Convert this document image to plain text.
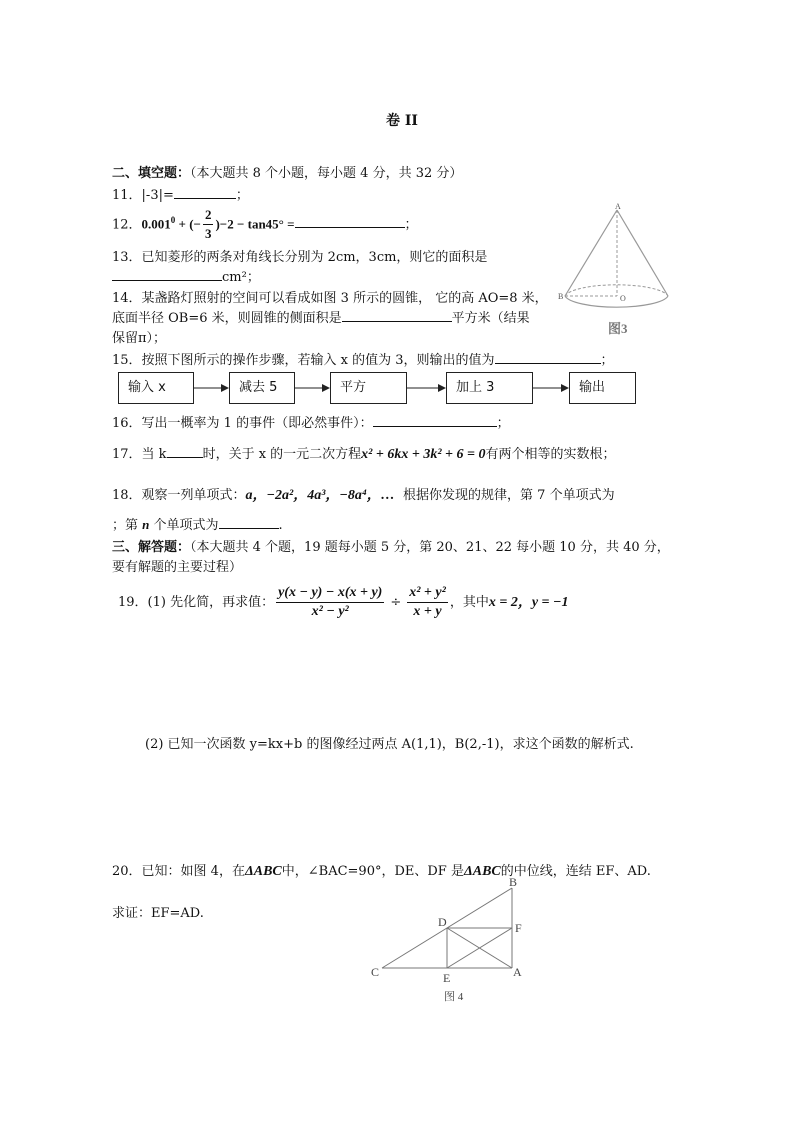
卷 II
二、填空题：（本大题共 8 个小题，每小题 4 分，共 32 分）
11．|-3|=	；
12．$0.001^0$ + (− $\frac{2}{3} )-2 - \tan 45^\circ$ =	；
13．已知菱形的两条对角线长分别为 2cm，3cm，则它的面积是
cm²；
14．某盏路灯照射的空间可以看成如图 3 所示的圆锥， 它的高 AO=8 米，
底面半径 OB=6 米，则圆锥的侧面积是	平方米（结果
保留π）；
A
B	O
图3
15．按照下图所示的操作步骤，若输入 x 的值为 3，则输出的值为	；
输入 x	减去 5	平方	加上 3	输出
16．写出一概率为 1 的事件（即必然事件）：	；
17．当 k	时，关于 x 的一元二次方程x² + 6kx + 3k² + 6 = 0有两个相等的实数根；
18．观察一列单项式：a，−2a²，4a³，−8a⁴，… 根据你发现的规律，第 7 个单项式为
；第 n 个单项式为	.
三、解答题：（本大题共 4 个题，19 题每小题 5 分，第 20、21、22 每小题 10 分，共 40 分，
要有解题的主要过程）
19．(1) 先化简，再求值： $\frac{y(x - y) - x(x + y)}{\text{x² − y²}} \div \frac{\text{x² + y²}}{x + y}$ ，其中x = 2，y = −1
(2) 已知一次函数 y=kx+b 的图像经过两点 A(1,1)，B(2,-1)，求这个函数的解析式.
20．已知：如图 4，在ΔABC中，∠BAC=90°，DE、DF 是ΔABC的中位线，连结 EF、AD.
求证：EF=AD.
B
D	F
C	E	A
图 4
